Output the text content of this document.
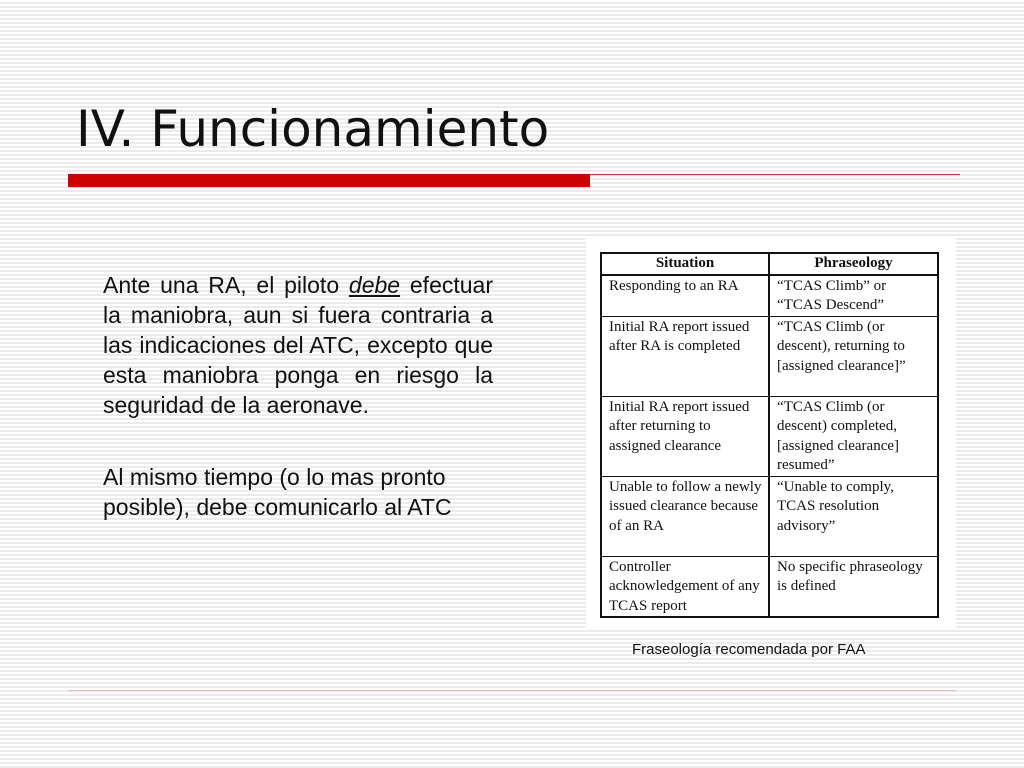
IV. Funcionamiento

Ante una RA, el piloto debe efectuar la maniobra, aun si fuera contraria a las indicaciones del ATC, excepto que esta maniobra ponga en riesgo la seguridad de la aeronave.

Al mismo tiempo (o lo mas pronto posible), debe comunicarlo al ATC

Situation	Phraseology
Responding to an RA	“TCAS Climb” or “TCAS Descend”
Initial RA report issued after RA is completed	“TCAS Climb (or descent), returning to [assigned clearance]”
Initial RA report issued after returning to assigned clearance	“TCAS Climb (or descent) completed, [assigned clearance] resumed”
Unable to follow a newly issued clearance because of an RA	“Unable to comply, TCAS resolution advisory”
Controller acknowledgement of any TCAS report	No specific phraseology is defined
Fraseología recomendada por FAA
